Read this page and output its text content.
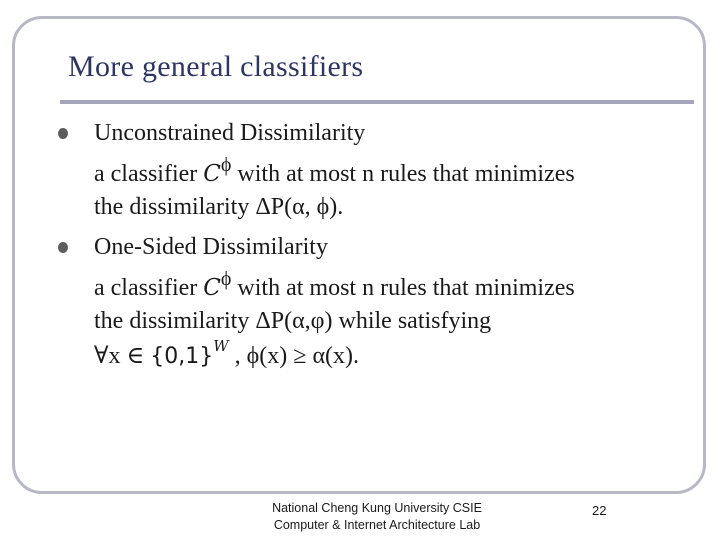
More general classifiers
Unconstrained Dissimilarity
a classifier $C^\phi$ with at most n rules that minimizes
the dissimilarity ΔP(α, ϕ).
One-Sided Dissimilarity
a classifier $C^\phi$ with at most n rules that minimizes
the dissimilarity ΔP(α,φ) while satisfying
∀x ∈ $\{0,1\}^W$ , ϕ(x) ≥ α(x).
National Cheng Kung University CSIE
Computer & Internet Architecture Lab
22
